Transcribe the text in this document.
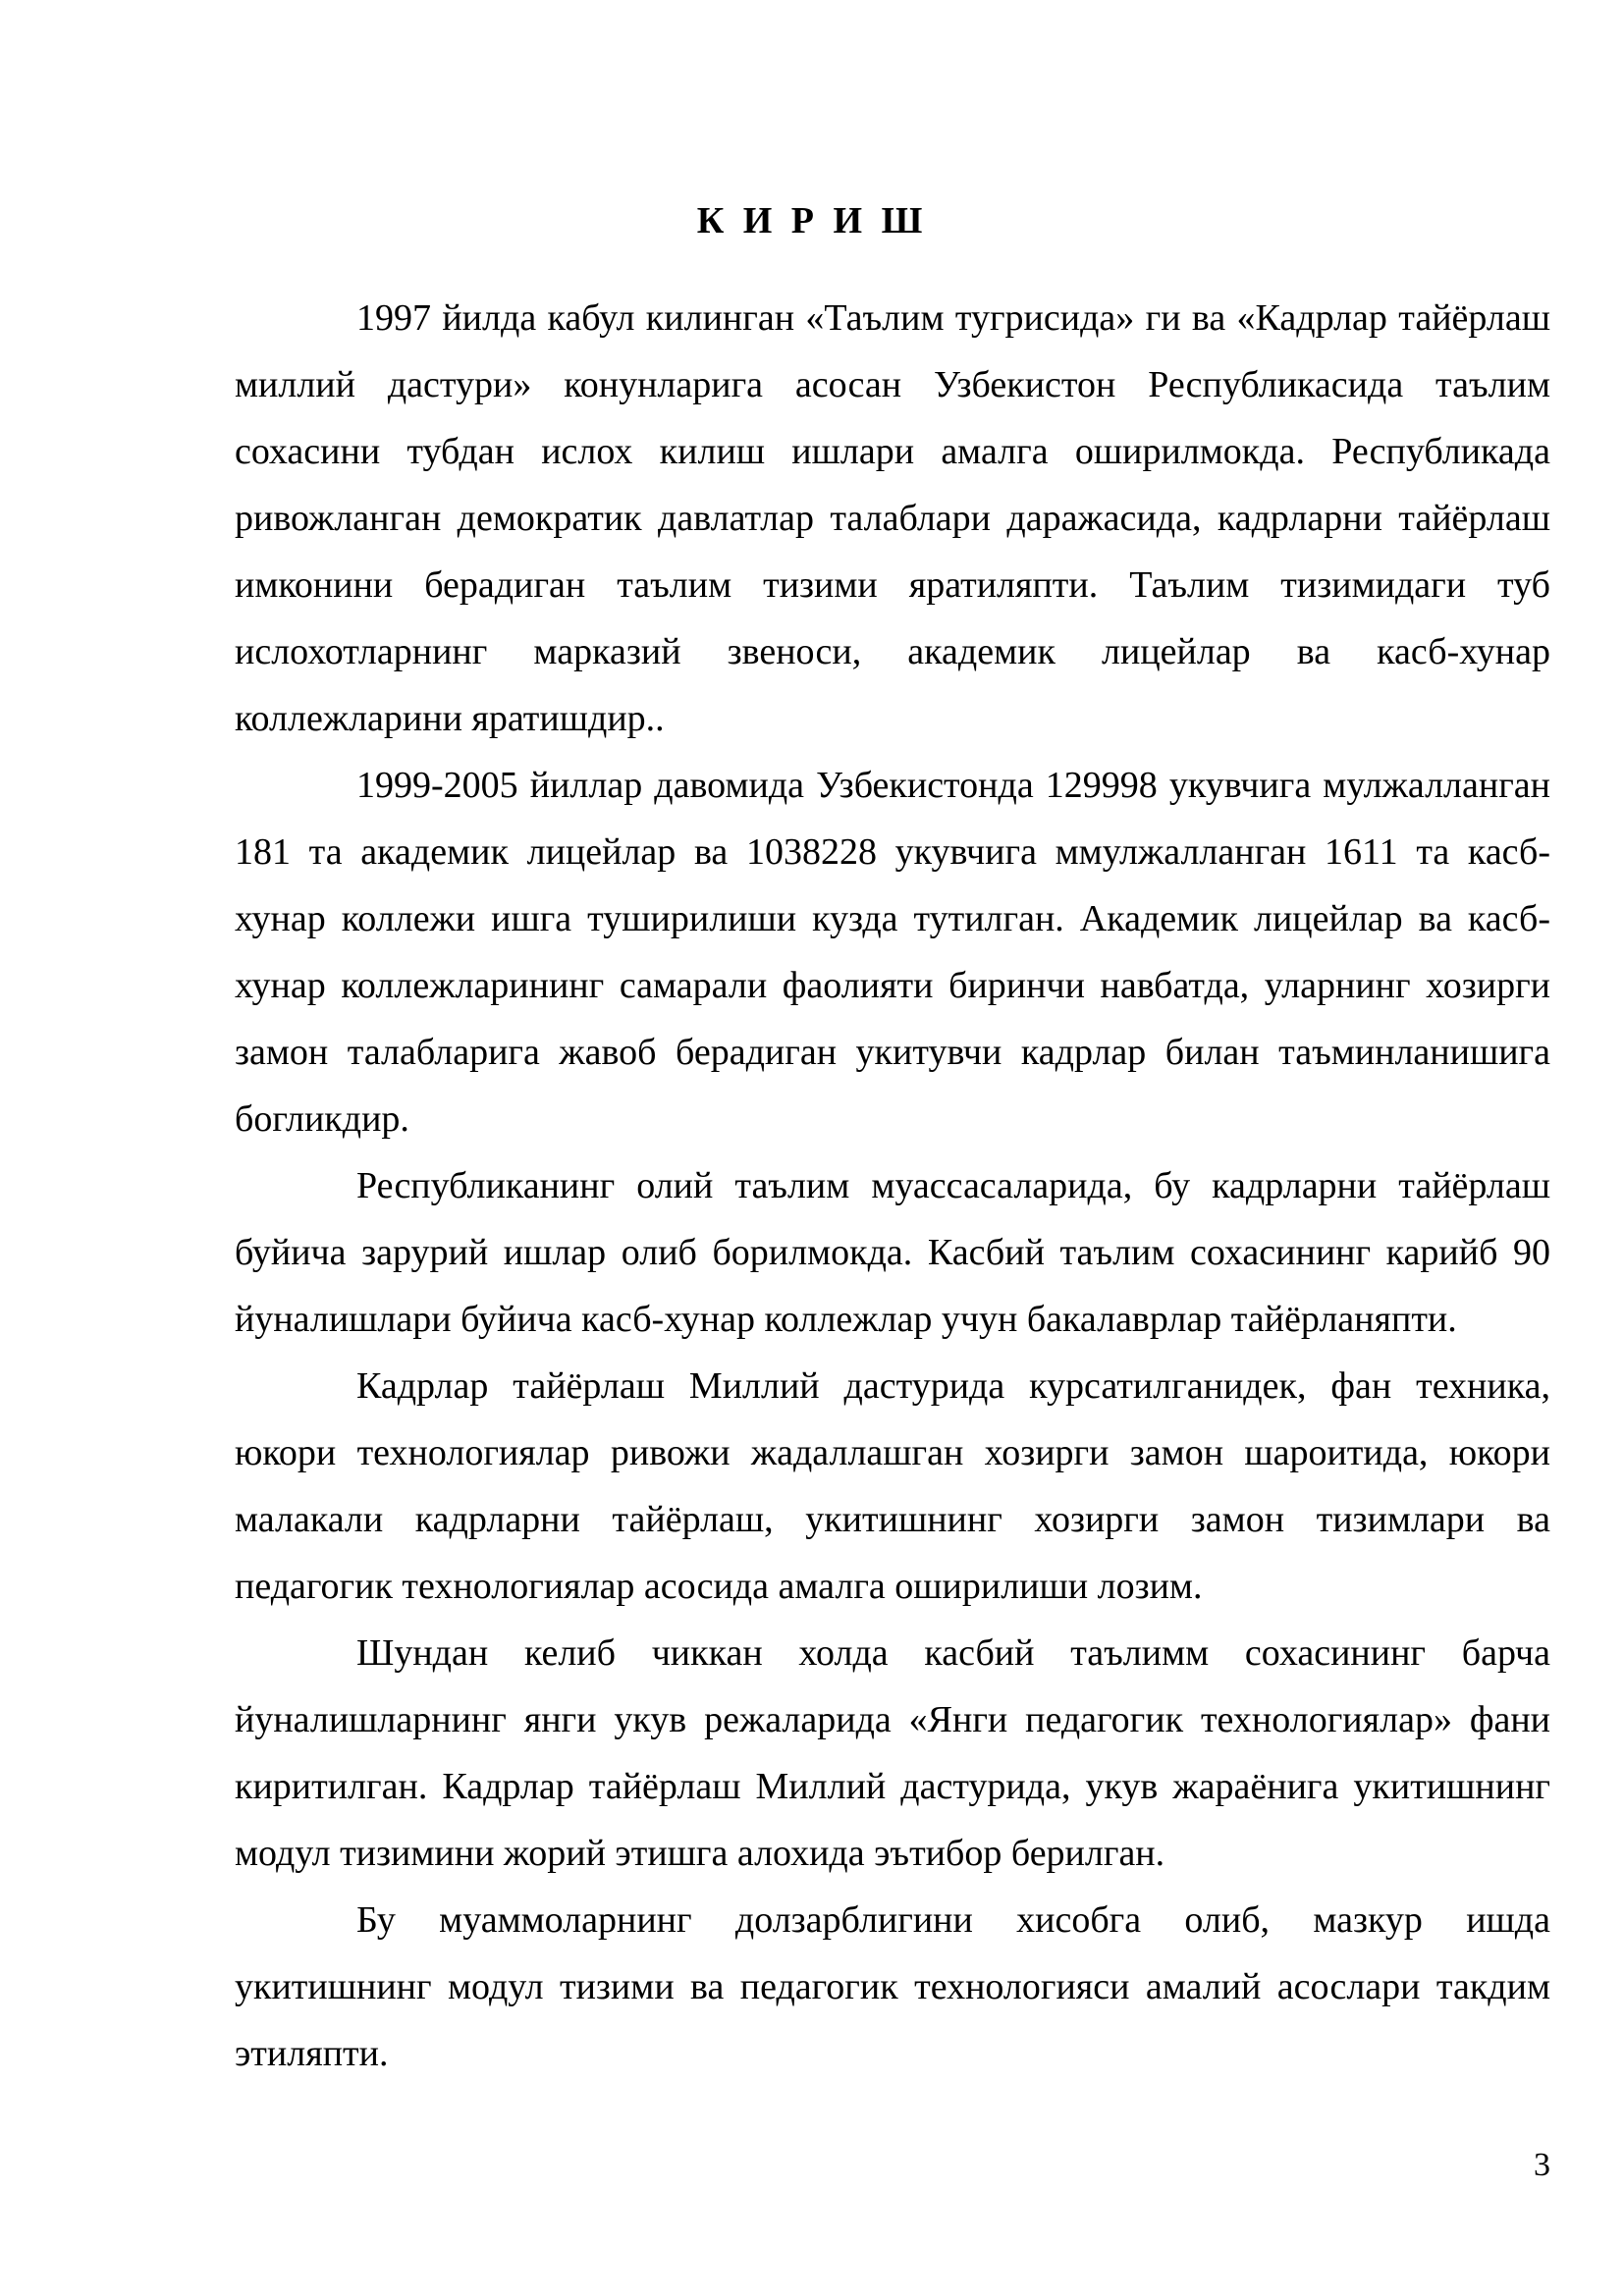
К И Р И Ш

1997 йилда кабул килинган «Таълим тугрисида» ги ва «Кадрлар тайёрлаш миллий дастури» конунларига асосан Узбекистон Республикасида таълим сохасини тубдан ислох килиш ишлари амалга оширилмокда. Республикада ривожланган демократик давлатлар талаблари даражасида, кадрларни тайёрлаш имконини берадиган таълим тизими яратиляпти. Таълим тизимидаги туб ислохотларнинг марказий звеноси, академик лицейлар ва касб-хунар коллежларини яратишдир..

1999-2005 йиллар давомида Узбекистонда 129998 укувчига мулжалланган 181 та академик лицейлар ва 1038228 укувчига ммулжалланган 1611 та касб-хунар коллежи ишга туширилиши кузда тутилган. Академик лицейлар ва касб-хунар коллежларининг самарали фаолияти биринчи навбатда, уларнинг хозирги замон талабларига жавоб берадиган укитувчи кадрлар билан таъминланишига богликдир.

Республиканинг олий таълим муассасаларида, бу кадрларни тайёрлаш буйича зарурий ишлар олиб борилмокда. Касбий таълим сохасининг карийб 90 йуналишлари буйича касб-хунар коллежлар учун бакалаврлар тайёрланяпти.

Кадрлар тайёрлаш Миллий дастурида курсатилганидек, фан техника, юкори технологиялар ривожи жадаллашган хозирги замон шароитида, юкори малакали кадрларни тайёрлаш, укитишнинг хозирги замон тизимлари ва педагогик технологиялар асосида амалга оширилиши лозим.

Шундан келиб чиккан холда касбий таълимм сохасининг барча йуналишларнинг янги укув режаларида «Янги педагогик технологиялар» фани киритилган. Кадрлар тайёрлаш Миллий дастурида, укув жараёнига укитишнинг модул тизимини жорий этишга алохида эътибор берилган.

Бу муаммоларнинг долзарблигини хисобга олиб, мазкур ишда укитишнинг модул тизими ва педагогик технологияси амалий асослари такдим этиляпти.

3
